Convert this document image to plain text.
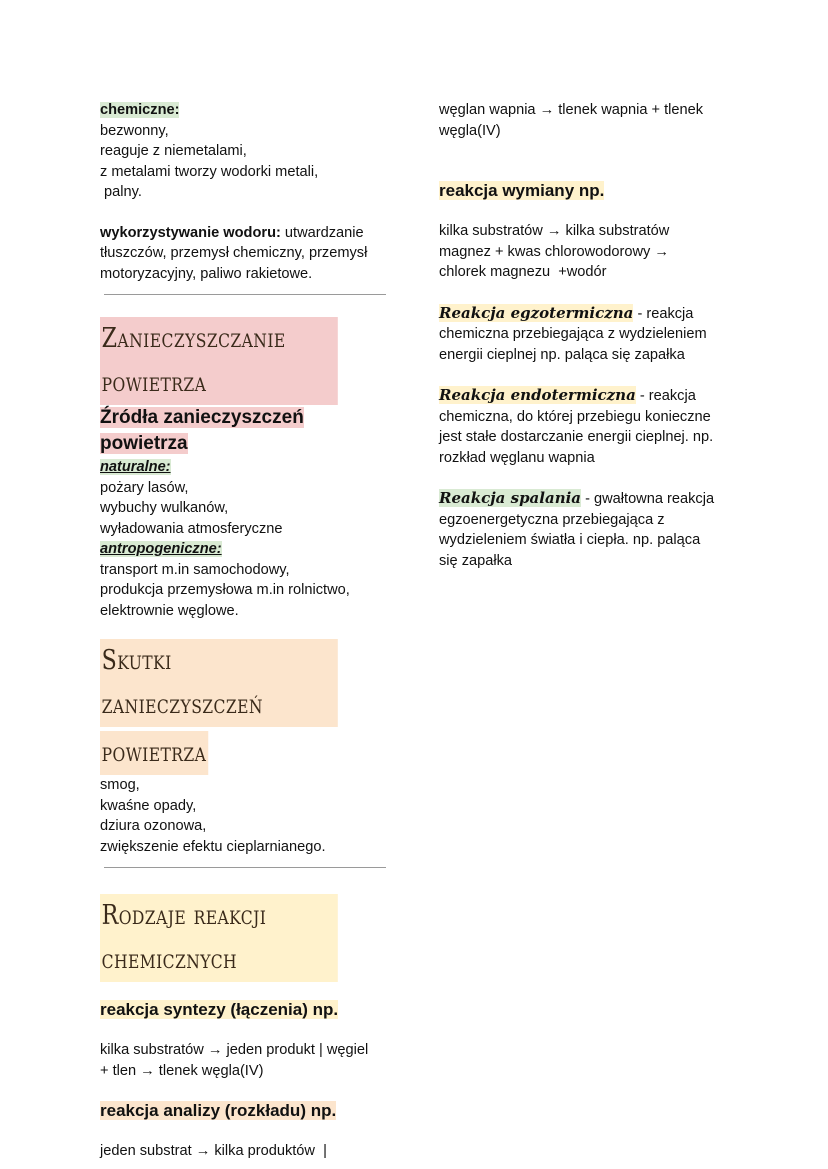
chemiczne:

bezwonny,

reaguje z niemetalami,

z metalami tworzy wodorki metali,

palny.

wykorzystywanie wodoru: utwardzanie tłuszczów, przemysł chemiczny, przemysł motoryzacyjny, paliwo rakietowe.

Zanieczyszczanie powietrza
Źródła zanieczyszczeń
powietrza

naturalne:

pożary lasów,

wybuchy wulkanów,

wyładowania atmosferyczne

antropogeniczne:

transport m.in samochodowy,

produkcja przemysłowa m.in rolnictwo,

elektrownie węglowe.

Skutki zanieczyszczeń
powietrza

smog,

kwaśne opady,

dziura ozonowa,

zwiększenie efektu cieplarnianego.

Rodzaje reakcji chemicznych
reakcja syntezy (łączenia) np.

kilka substratów → jeden produkt | węgiel

+ tlen → tlenek węgla(IV)

reakcja analizy (rozkładu) np.

jeden substrat → kilka produktów  |

węglan wapnia → tlenek wapnia + tlenek

węgla(IV)

reakcja wymiany np.

kilka substratów → kilka substratów

magnez + kwas chlorowodorowy →

chlorek magnezu  +wodór

Reakcja egzotermiczna - reakcja

chemiczna przebiegająca z wydzieleniem

energii cieplnej np. paląca się zapałka

Reakcja endotermiczna - reakcja

chemiczna, do której przebiegu konieczne

jest stałe dostarczanie energii cieplnej. np.

rozkład węglanu wapnia

Reakcja spalania - gwałtowna reakcja

egzoenergetyczna przebiegająca z

wydzieleniem światła i ciepła. np. paląca

się zapałka
